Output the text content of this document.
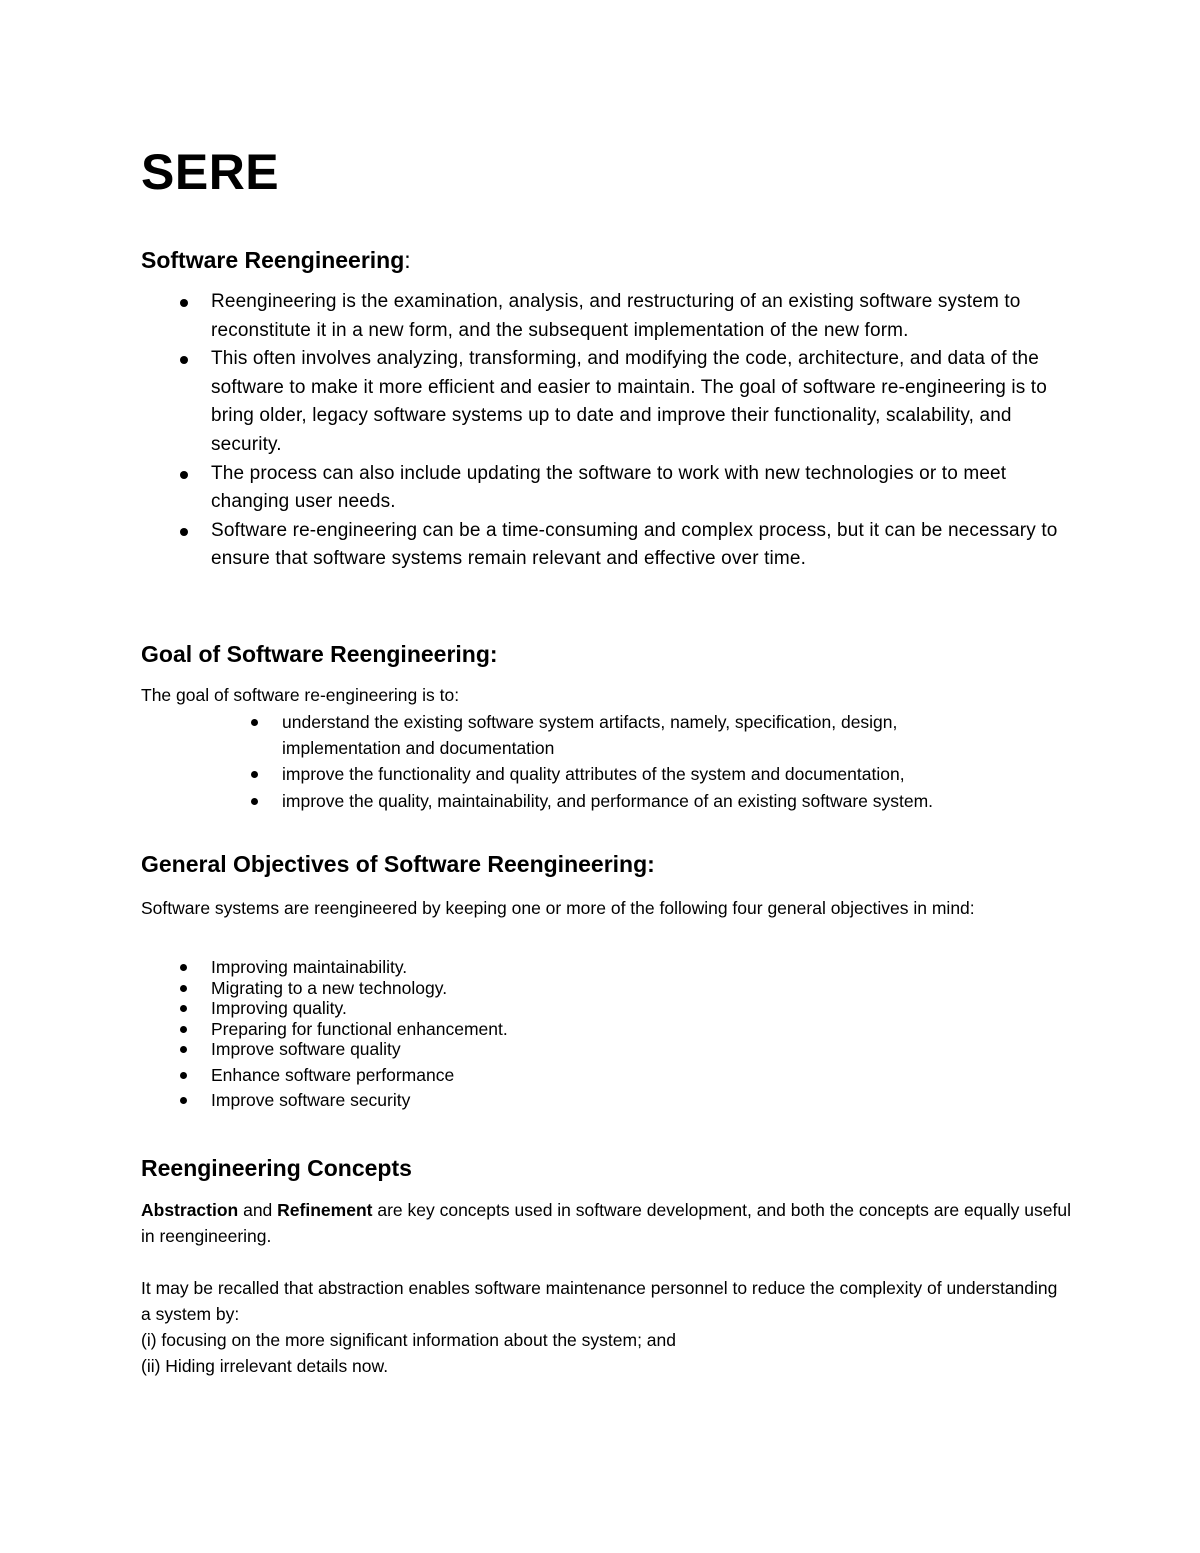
SERE
Software Reengineering:
Reengineering is the examination, analysis, and restructuring of an existing software system to reconstitute it in a new form, and the subsequent implementation of the new form.
This often involves analyzing, transforming, and modifying the code, architecture, and data of the software to make it more efficient and easier to maintain. The goal of software re-engineering is to bring older, legacy software systems up to date and improve their functionality, scalability, and security.
The process can also include updating the software to work with new technologies or to meet changing user needs.
Software re-engineering can be a time-consuming and complex process, but it can be necessary to ensure that software systems remain relevant and effective over time.
Goal of Software Reengineering:

The goal of software re-engineering is to:

understand the existing software system artifacts, namely, specification, design, implementation and documentation
improve the functionality and quality attributes of the system and documentation,
improve the quality, maintainability, and performance of an existing software system.
General Objectives of Software Reengineering:

Software systems are reengineered by keeping one or more of the following four general objectives in mind:

Improving maintainability.
Migrating to a new technology.
Improving quality.
Preparing for functional enhancement.
Improve software quality
Enhance software performance
Improve software security
Reengineering Concepts

Abstraction and Refinement are key concepts used in software development, and both the concepts are equally useful in reengineering.

It may be recalled that abstraction enables software maintenance personnel to reduce the complexity of understanding a system by:
(i) focusing on the more significant information about the system; and
(ii) Hiding irrelevant details now.
